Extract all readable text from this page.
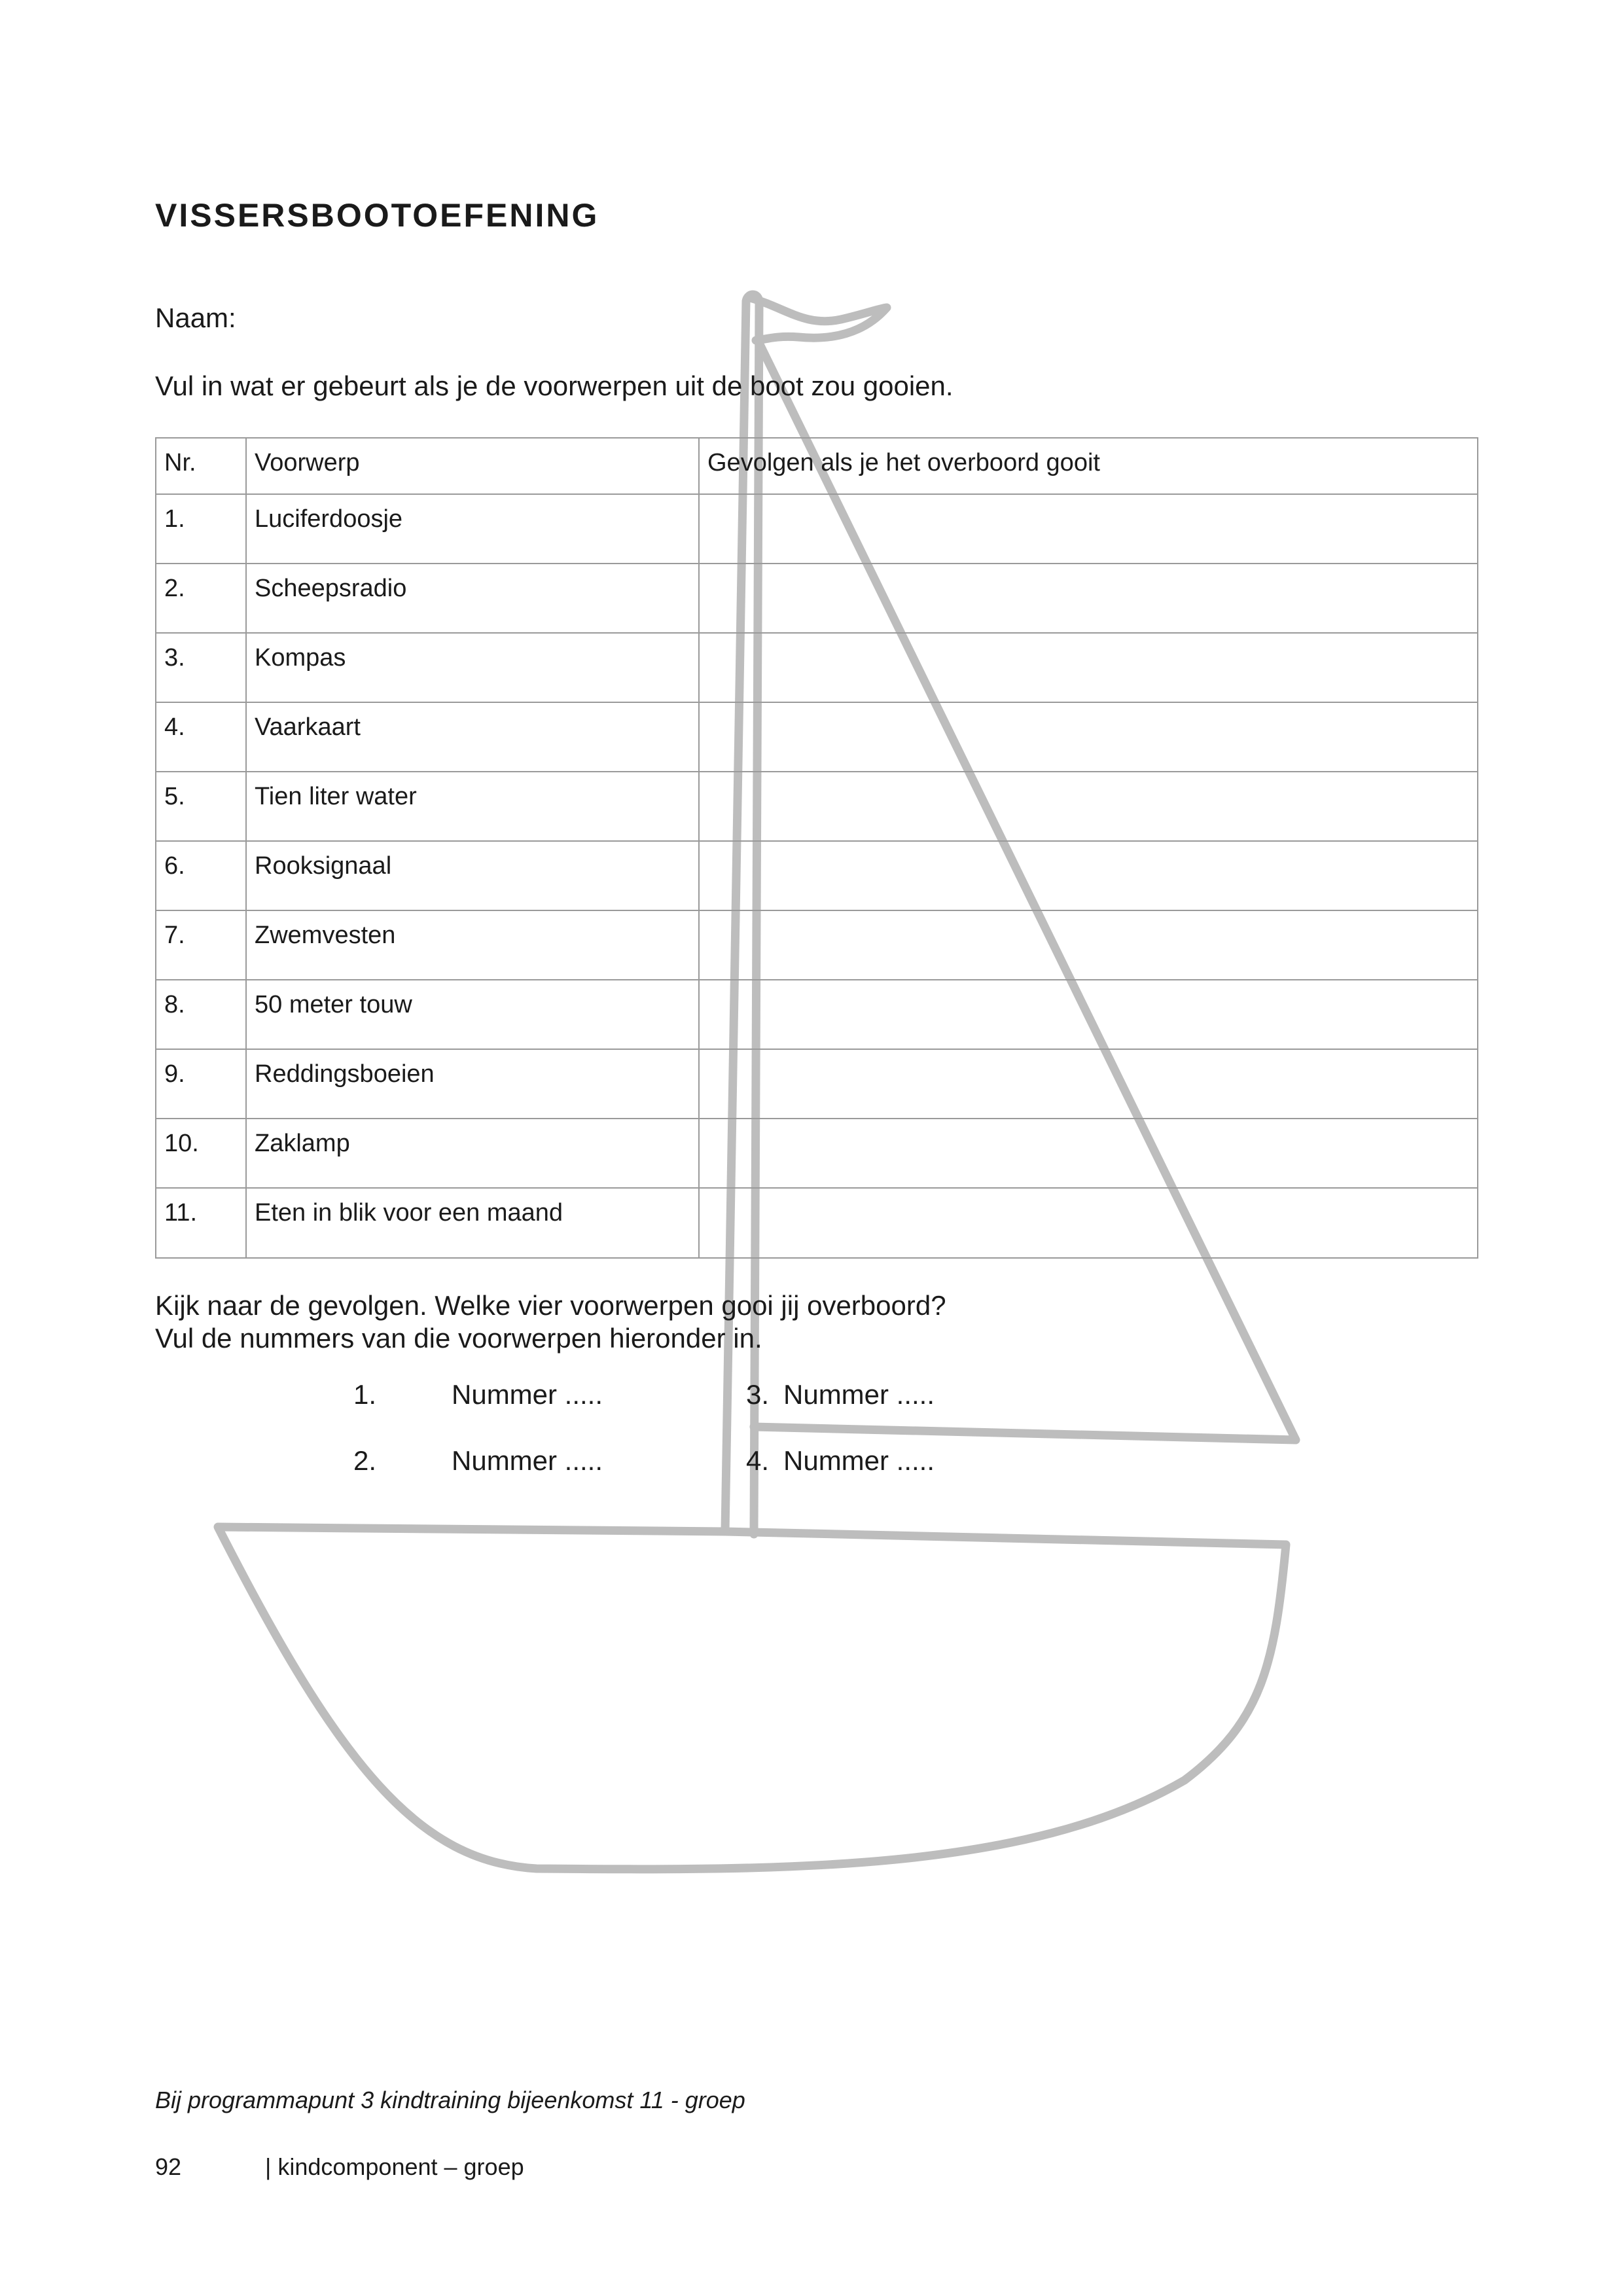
VISSERSBOOTOEFENING
Naam:
Vul in wat er gebeurt als je de voorwerpen uit de boot zou gooien.
Nr.	Voorwerp	Gevolgen als je het overboord gooit
1.	Luciferdoosje	
2.	Scheepsradio	
3.	Kompas	
4.	Vaarkaart	
5.	Tien liter water	
6.	Rooksignaal	
7.	Zwemvesten	
8.	50 meter touw	
9.	Reddingsboeien	
10.	Zaklamp	
11.	Eten in blik voor een maand	
Kijk naar de gevolgen. Welke vier voorwerpen gooi jij overboord?
Vul de nummers van die voorwerpen hieronder in.
1.	Nummer .....
2.	Nummer .....
3. Nummer .....
4. Nummer .....
Bij programmapunt 3 kindtraining bijeenkomst 11 - groep
92	| kindcomponent – groep
